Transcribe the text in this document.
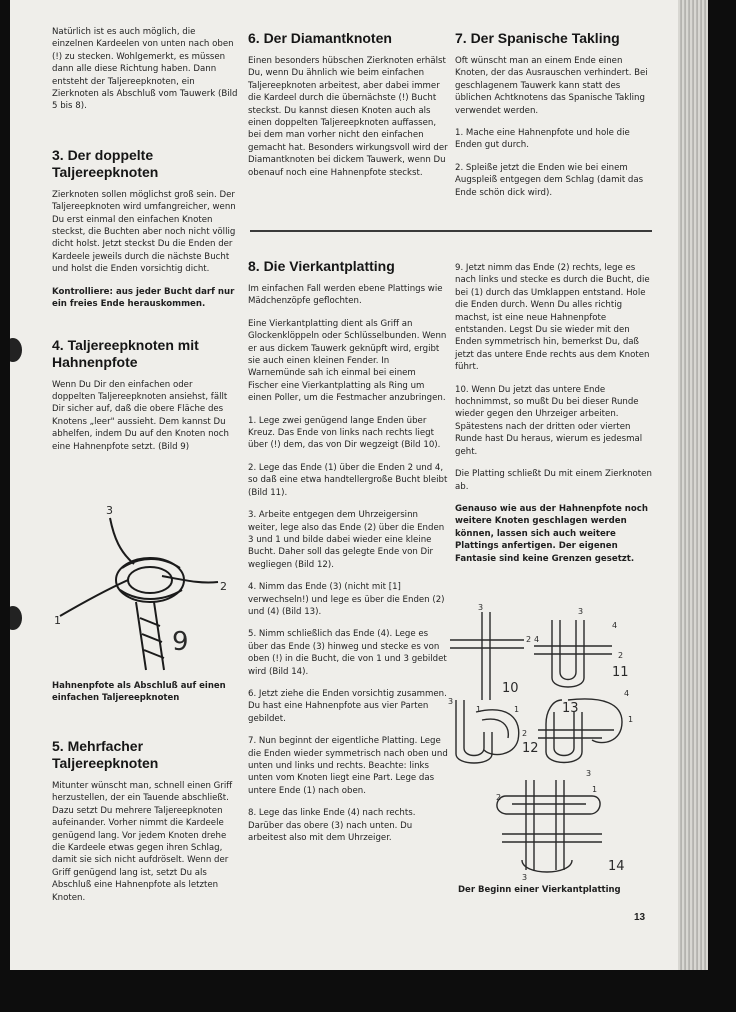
Natürlich ist es auch möglich, die einzelnen Kardeelen von unten nach oben (!) zu stecken. Wohlgemerkt, es müssen dann alle diese Richtung haben. Dann entsteht der Taljereepknoten, ein Zierknoten als Abschluß vom Tauwerk (Bild 5 bis 8).

3. Der doppelte Taljereepknoten

Zierknoten sollen möglichst groß sein. Der Taljereepknoten wird umfangreicher, wenn Du erst einmal den einfachen Knoten steckst, die Buchten aber noch nicht völlig dicht holst. Jetzt steckst Du die Enden der Kardeele jeweils durch die nächste Bucht und holst die Enden vorsichtig dicht.

Kontrolliere: aus jeder Bucht darf nur ein freies Ende herauskommen.

4. Taljereepknoten mit Hahnenpfote

Wenn Du Dir den einfachen oder doppelten Taljereepknoten ansiehst, fällt Dir sicher auf, daß die obere Fläche des Knotens „leer" aussieht. Dem kannst Du abhelfen, indem Du auf den Knoten noch eine Hahnenpfote setzt. (Bild 9)

3
2
1
9
Hahnenpfote als Abschluß auf einen einfachen Taljereepknoten
5. Mehrfacher Taljereepknoten

Mitunter wünscht man, schnell einen Griff herzustellen, der ein Tauende abschließt. Dazu setzt Du mehrere Taljereepknoten aufeinander. Vorher nimmt die Kardeele genügend lang. Vor jedem Knoten drehe die Kardeele etwas gegen ihren Schlag, damit sie sich nicht aufdröselt. Wenn der Griff genügend lang ist, setzt Du als Abschluß eine Hahnenpfote als letzten Knoten.

6. Der Diamantknoten

Einen besonders hübschen Zierknoten erhälst Du, wenn Du ähnlich wie beim einfachen Taljereepknoten arbeitest, aber dabei immer die Kardeel durch die übernächste (!) Bucht steckst. Du kannst diesen Knoten auch als einen doppelten Taljereepknoten auffassen, bei dem man vorher nicht den einfachen gemacht hat. Besonders wirkungsvoll wird der Diamantknoten bei dickem Tauwerk, wenn Du obenauf noch eine Hahnenpfote steckst.

7. Der Spanische Takling

Oft wünscht man an einem Ende einen Knoten, der das Ausrauschen verhindert. Bei geschlagenem Tauwerk kann statt des üblichen Achtknotens das Spanische Takling verwendet werden.

1. Mache eine Hahnenpfote und hole die Enden gut durch.

2. Spleiße jetzt die Enden wie bei einem Augspleiß entgegen dem Schlag (damit das Ende schön dick wird).

8. Die Vierkantplatting

Im einfachen Fall werden ebene Plattings wie Mädchenzöpfe geflochten.

Eine Vierkantplatting dient als Griff an Glockenklöppeln oder Schlüsselbunden. Wenn er aus dickem Tauwerk geknüpft wird, ergibt sie auch einen kleinen Fender. In Warnemünde sah ich einmal bei einem Fischer eine Vierkantplatting als Ring um einen Poller, um die Festmacher anzubringen.

1. Lege zwei genügend lange Enden über Kreuz. Das Ende von links nach rechts liegt über (!) dem, das von Dir wegzeigt (Bild 10).

2. Lege das Ende (1) über die Enden 2 und 4, so daß eine etwa handtellergroße Bucht bleibt (Bild 11).

3. Arbeite entgegen dem Uhrzeigersinn weiter, lege also das Ende (2) über die Enden 3 und 1 und bilde dabei wieder eine kleine Bucht. Daher soll das gelegte Ende von Dir wegliegen (Bild 12).

4. Nimm das Ende (3) (nicht mit [1] verwechseln!) und lege es über die Enden (2) und (4) (Bild 13).

5. Nimm schließlich das Ende (4). Lege es über das Ende (3) hinweg und stecke es von oben (!) in die Bucht, die von 1 und 3 gebildet wird (Bild 14).

6. Jetzt ziehe die Enden vorsichtig zusammen. Du hast eine Hahnenpfote aus vier Parten gebildet.

7. Nun beginnt der eigentliche Platting. Lege die Enden wieder symmetrisch nach oben und unten und links und rechts. Beachte: links unten vom Knoten liegt eine Part. Lege das untere Ende (1) nach oben.

8. Lege das linke Ende (4) nach rechts. Darüber das obere (3) nach unten. Du arbeitest also mit dem Uhrzeiger.

9. Jetzt nimm das Ende (2) rechts, lege es nach links und stecke es durch die Bucht, die bei (1) durch das Umklappen entstand. Hole die Enden durch. Wenn Du alles richtig machst, ist eine neue Hahnenpfote entstanden. Legst Du sie wieder mit den Enden symmetrisch hin, bemerkst Du, daß jetzt das untere Ende rechts aus dem Knoten führt.

10. Wenn Du jetzt das untere Ende hochnimmst, so mußt Du bei dieser Runde wieder gegen den Uhrzeiger arbeiten. Spätestens nach der dritten oder vierten Runde hast Du heraus, wierum es jedesmal geht.

Die Platting schließt Du mit einem Zierknoten ab.

Genauso wie aus der Hahnenpfote noch weitere Knoten geschlagen werden können, lassen sich auch weitere Plattings anfertigen. Der eigenen Fantasie sind keine Grenzen gesetzt.

3
2 4
1
10
3
4
2
11
3
1
2
12
4
1
3
13
2
1
3
14
Der Beginn einer Vierkantplatting
13
